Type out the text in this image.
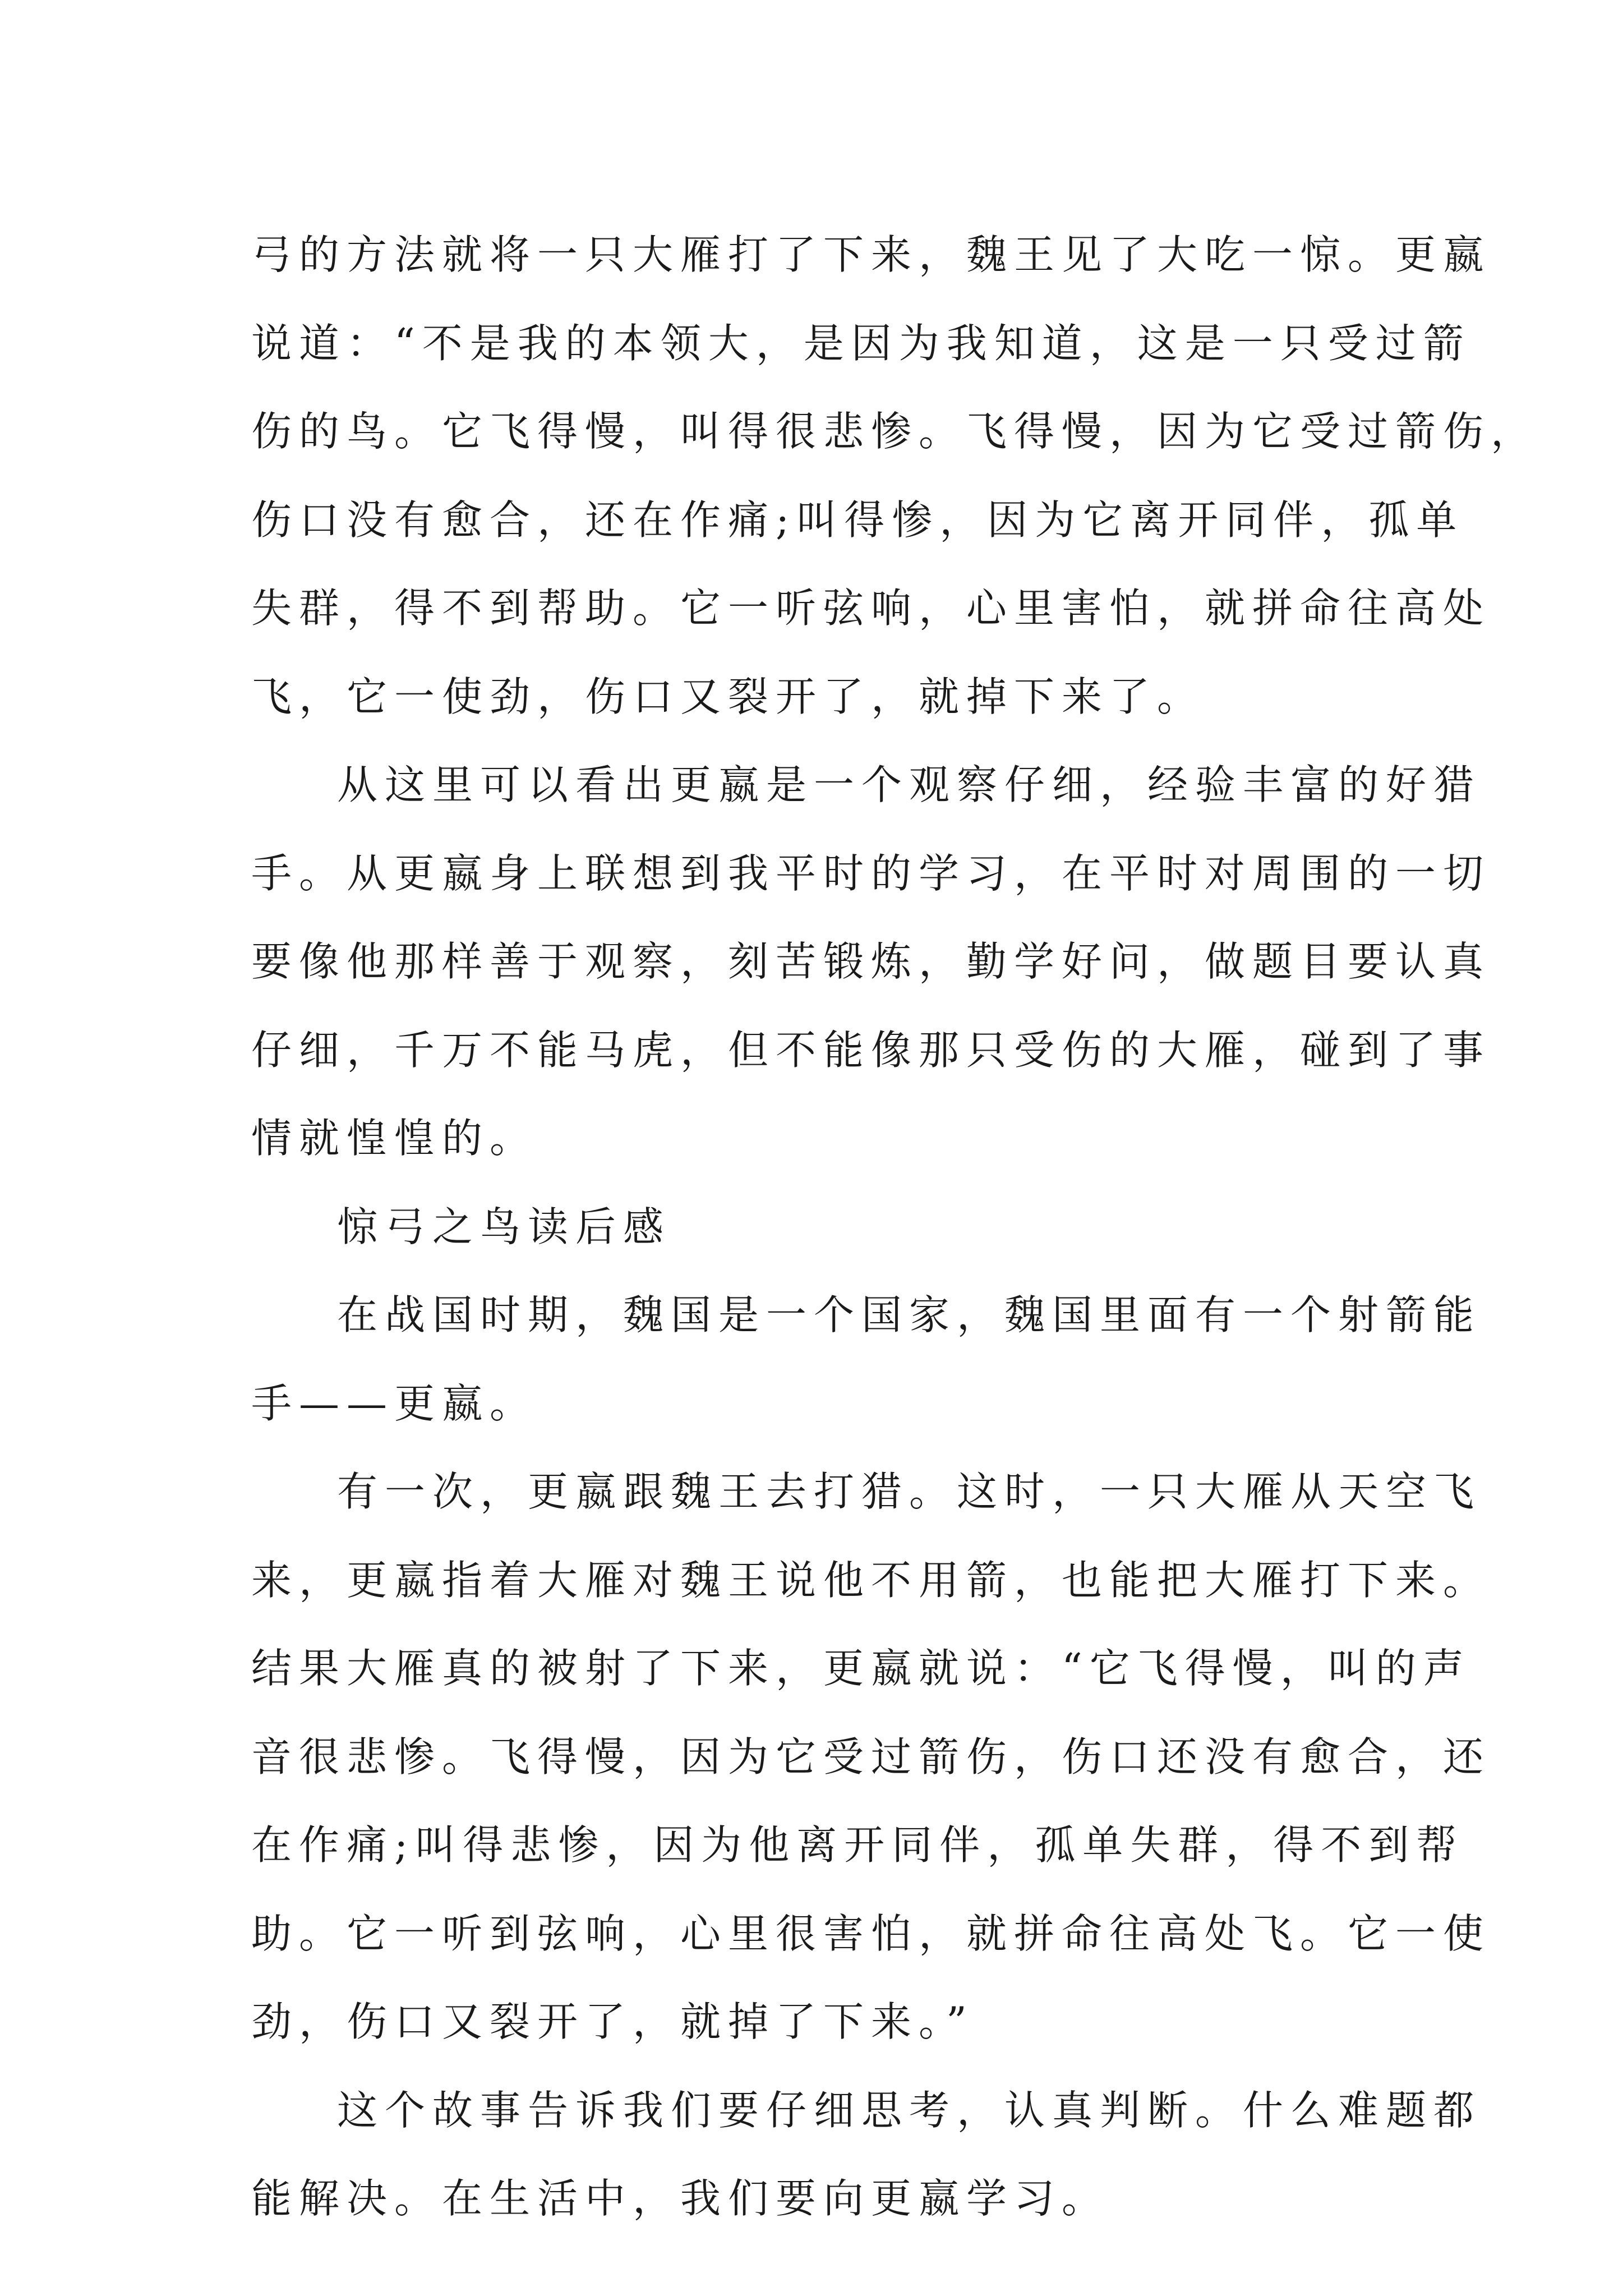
弓的方法就将一只大雁打了下来，魏王见了大吃一惊。更嬴
说道：“不是我的本领大，是因为我知道，这是一只受过箭
伤的鸟。它飞得慢，叫得很悲惨。飞得慢，因为它受过箭伤，
伤口没有愈合，还在作痛;叫得惨，因为它离开同伴，孤单
失群，得不到帮助。它一听弦响，心里害怕，就拼命往高处
飞，它一使劲，伤口又裂开了，就掉下来了。
从这里可以看出更嬴是一个观察仔细，经验丰富的好猎
手。从更嬴身上联想到我平时的学习，在平时对周围的一切
要像他那样善于观察，刻苦锻炼，勤学好问，做题目要认真
仔细，千万不能马虎，但不能像那只受伤的大雁，碰到了事
情就惶惶的。
惊弓之鸟读后感
在战国时期，魏国是一个国家，魏国里面有一个射箭能
手——更嬴。
有一次，更嬴跟魏王去打猎。这时，一只大雁从天空飞
来，更嬴指着大雁对魏王说他不用箭，也能把大雁打下来。
结果大雁真的被射了下来，更嬴就说：“它飞得慢，叫的声
音很悲惨。飞得慢，因为它受过箭伤，伤口还没有愈合，还
在作痛;叫得悲惨，因为他离开同伴，孤单失群，得不到帮
助。它一听到弦响，心里很害怕，就拼命往高处飞。它一使
劲，伤口又裂开了，就掉了下来。”
这个故事告诉我们要仔细思考，认真判断。什么难题都
能解决。在生活中，我们要向更嬴学习。
